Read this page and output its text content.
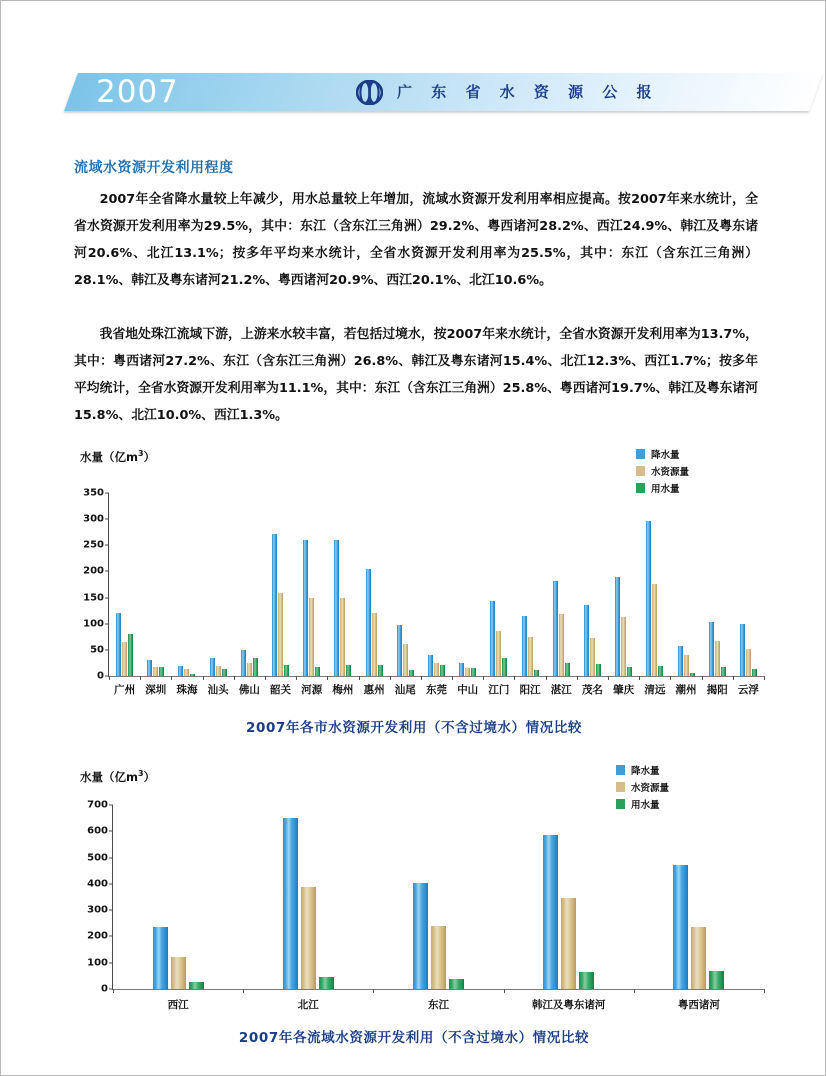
2007	广 东 省 水 资 源 公 报
流域水资源开发利用程度
2007年全省降水量较上年减少，用水总量较上年增加，流域水资源开发利用率相应提高。按2007年来水统计，全省水资源开发利用率为29.5%，其中：东江（含东江三角洲）29.2%、粤西诸河28.2%、西江24.9%、韩江及粤东诸河20.6%、北江13.1%；按多年平均来水统计，全省水资源开发利用率为25.5%，其中：东江（含东江三角洲）28.1%、韩江及粤东诸河21.2%、粤西诸河20.9%、西江20.1%、北江10.6%。
我省地处珠江流域下游，上游来水较丰富，若包括过境水，按2007年来水统计，全省水资源开发利用率为13.7%，其中：粤西诸河27.2%、东江（含东江三角洲）26.8%、韩江及粤东诸河15.4%、北江12.3%、西江1.7%；按多年平均统计，全省水资源开发利用率为11.1%，其中：东江（含东江三角洲）25.8%、粤西诸河19.7%、韩江及粤东诸河15.8%、北江10.0%、西江1.3%。
水量（亿$m^3$）
0
50
100
150
200
250
300
350
广州 深圳 珠海 汕头 佛山 韶关 河源 梅州 惠州 汕尾 东莞 中山 江门 阳江 湛江 茂名 肇庆 清远 潮州 揭阳 云浮
降水量
水资源量
用水量
2007年各市水资源开发利用（不含过境水）情况比较
水量（亿$m^3$）
0
100
200
300
400
500
600
700
西江	北江	东江	韩江及粤东诸河	粤西诸河
降水量
水资源量
用水量
2007年各流域水资源开发利用（不含过境水）情况比较
